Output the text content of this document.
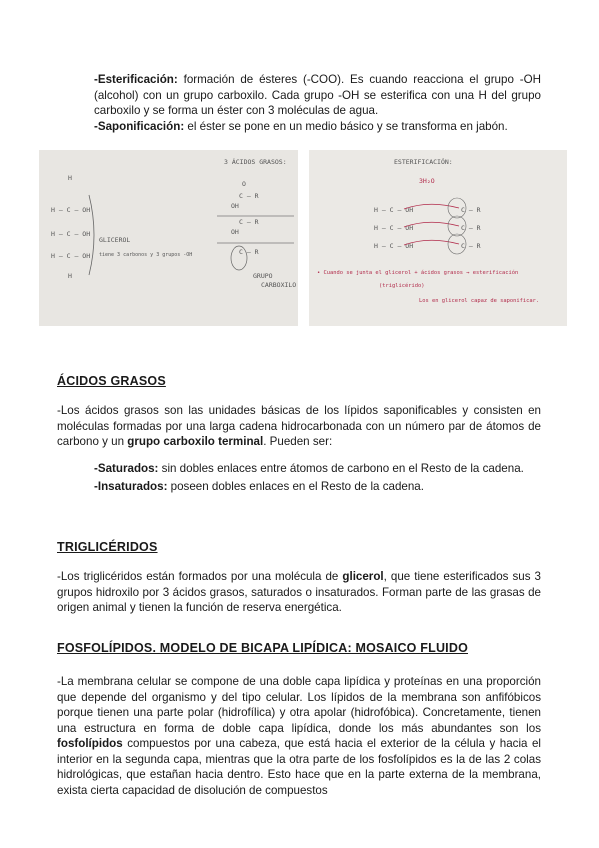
-Esterificación: formación de ésteres (-COO). Es cuando reacciona el grupo -OH (alcohol) con un grupo carboxilo. Cada grupo -OH se esterifica con una H del grupo carboxilo y se forma un éster con 3 moléculas de agua.
-Saponificación: el éster se pone en un medio básico y se transforma en jabón.
3 ÁCIDOS GRASOS:
H
H – C – OH
H – C – OH
H – C – OH
H
GLICEROL
tiene 3 carbonos y 3 grupos -OH
O
C – R
OH
C – R
OH
C – R
GRUPO
CARBOXILO
ESTERIFICACIÓN:
3H₂O
H – C – OH
H – C – OH
H – C – OH
C – R
C – R
C – R
• Cuando se junta el glicerol + ácidos grasos → esterificación
(triglicérido)
Los en glicerol capaz de saponificar.
ÁCIDOS GRASOS
-Los ácidos grasos son las unidades básicas de los lípidos saponificables y consisten en moléculas formadas por una larga cadena hidrocarbonada con un número par de átomos de carbono y un grupo carboxilo terminal. Pueden ser:
-Saturados: sin dobles enlaces entre átomos de carbono en el Resto de la cadena.
-Insaturados: poseen dobles enlaces en el Resto de la cadena.
TRIGLICÉRIDOS
-Los triglicéridos están formados por una molécula de glicerol, que tiene esterificados sus 3 grupos hidroxilo por 3 ácidos grasos, saturados o insaturados. Forman parte de las grasas de origen animal y tienen la función de reserva energética.
FOSFOLÍPIDOS. MODELO DE BICAPA LIPÍDICA: MOSAICO FLUIDO
-La membrana celular se compone de una doble capa lipídica y proteínas en una proporción que depende del organismo y del tipo celular. Los lípidos de la membrana son anfifóbicos porque tienen una parte polar (hidrofílica) y otra apolar (hidrofóbica). Concretamente, tienen una estructura en forma de doble capa lipídica, donde los más abundantes son los fosfolípidos compuestos por una cabeza, que está hacia el exterior de la célula y hacia el interior en la segunda capa, mientras que la otra parte de los fosfolípidos es la de las 2 colas hidrológicas, que estañan hacia dentro. Esto hace que en la parte externa de la membrana, exista cierta capacidad de disolución de compuestos
